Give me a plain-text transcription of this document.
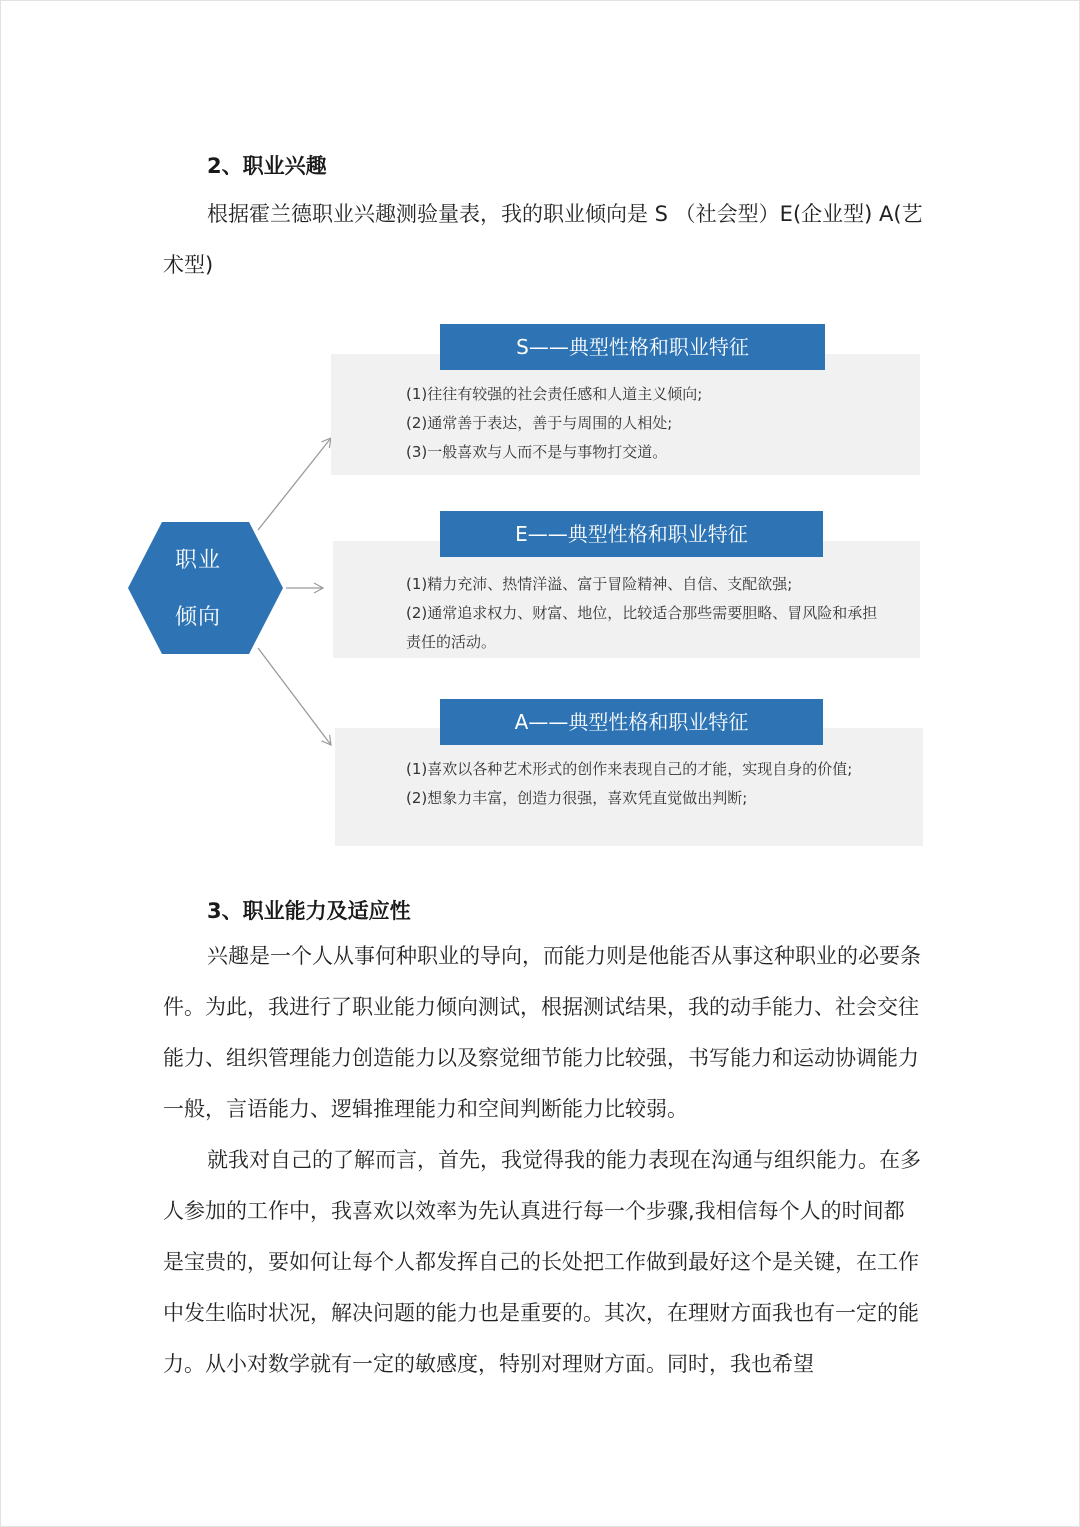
2、职业兴趣

根据霍兰德职业兴趣测验量表，我的职业倾向是 S （社会型）E(企业型) A(艺术型)

职业
倾向
S——典型性格和职业特征
(1)往往有较强的社会责任感和人道主义倾向;
(2)通常善于表达，善于与周围的人相处;
(3)一般喜欢与人而不是与事物打交道。
E——典型性格和职业特征
(1)精力充沛、热情洋溢、富于冒险精神、自信、支配欲强;
(2)通常追求权力、财富、地位，比较适合那些需要胆略、冒风险和承担责任的活动。
A——典型性格和职业特征
(1)喜欢以各种艺术形式的创作来表现自己的才能，实现自身的价值;
(2)想象力丰富，创造力很强，喜欢凭直觉做出判断;
3、职业能力及适应性

兴趣是一个人从事何种职业的导向，而能力则是他能否从事这种职业的必要条件。为此，我进行了职业能力倾向测试，根据测试结果，我的动手能力、社会交往能力、组织管理能力创造能力以及察觉细节能力比较强，书写能力和运动协调能力一般，言语能力、逻辑推理能力和空间判断能力比较弱。

就我对自己的了解而言，首先，我觉得我的能力表现在沟通与组织能力。在多人参加的工作中，我喜欢以效率为先认真进行每一个步骤,我相信每个人的时间都是宝贵的，要如何让每个人都发挥自己的长处把工作做到最好这个是关键，在工作中发生临时状况，解决问题的能力也是重要的。其次，在理财方面我也有一定的能力。从小对数学就有一定的敏感度，特别对理财方面。同时，我也希望
